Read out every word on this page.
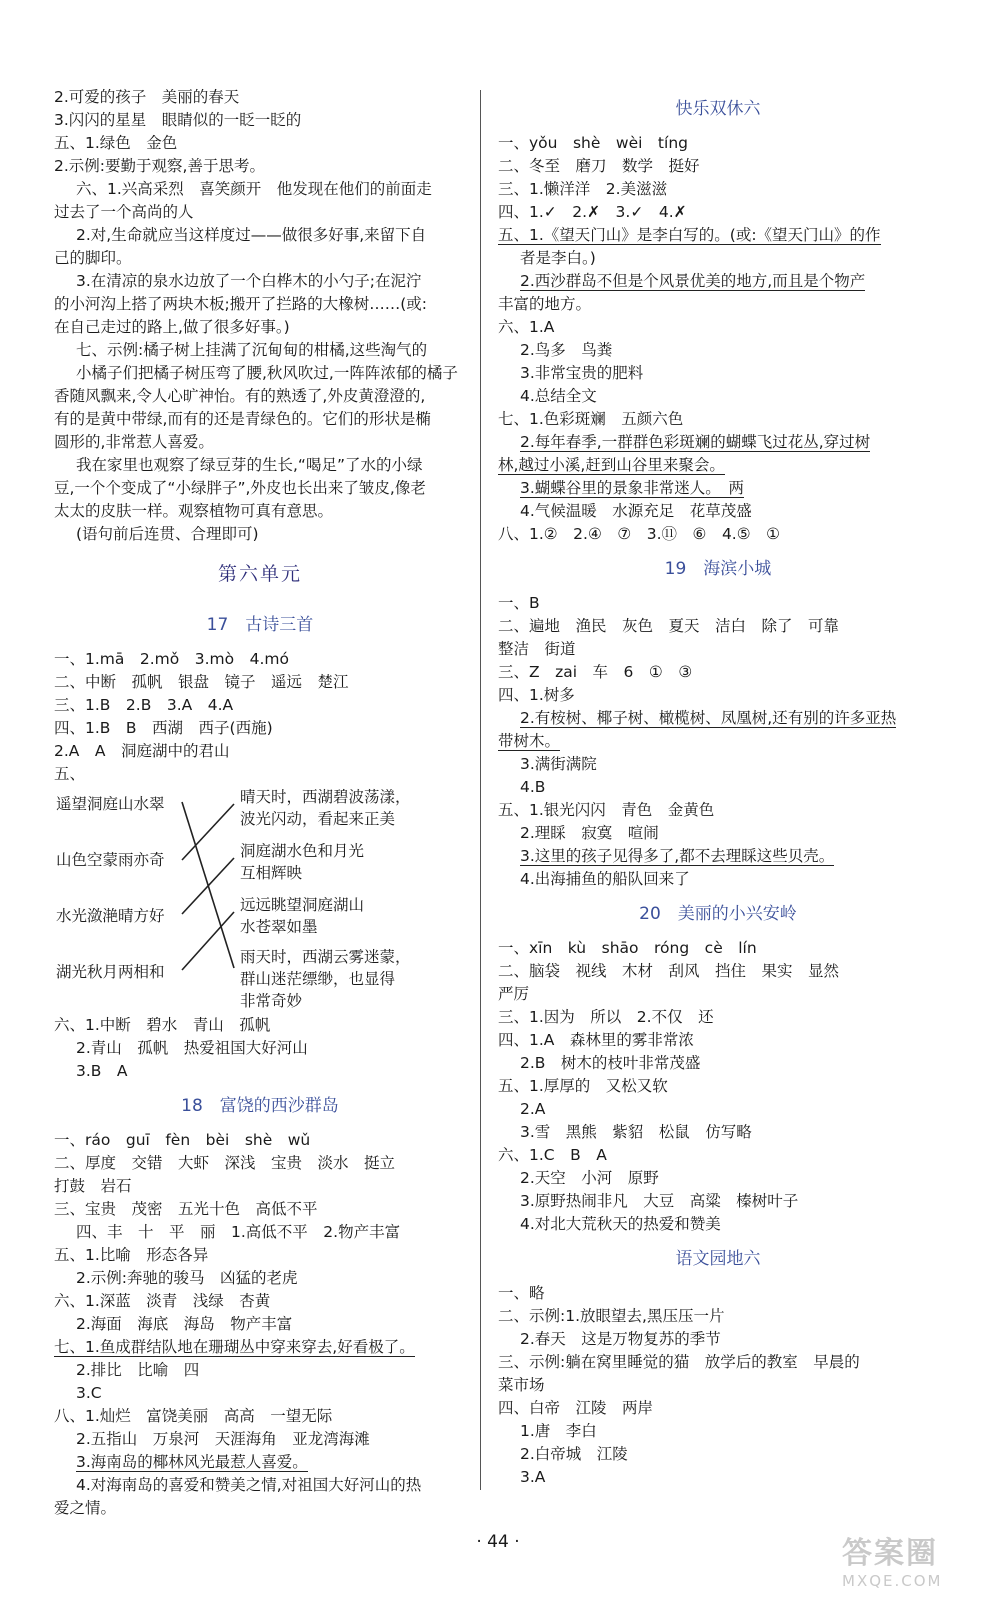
2.可爱的孩子　美丽的春天
3.闪闪的星星　眼睛似的一眨一眨的
五、1.绿色　金色
2.示例:要勤于观察,善于思考。
六、1.兴高采烈　喜笑颜开　他发现在他们的前面走
过去了一个高尚的人
2.对,生命就应当这样度过——做很多好事,来留下自
己的脚印。
3.在清凉的泉水边放了一个白桦木的小勺子;在泥泞
的小河沟上搭了两块木板;搬开了拦路的大橡树……(或:
在自己走过的路上,做了很多好事。)
七、示例:橘子树上挂满了沉甸甸的柑橘,这些淘气的
小橘子们把橘子树压弯了腰,秋风吹过,一阵阵浓郁的橘子
香随风飘来,令人心旷神怡。有的熟透了,外皮黄澄澄的,
有的是黄中带绿,而有的还是青绿色的。它们的形状是椭
圆形的,非常惹人喜爱。
我在家里也观察了绿豆芽的生长,“喝足”了水的小绿
豆,一个个变成了“小绿胖子”,外皮也长出来了皱皮,像老
太太的皮肤一样。观察植物可真有意思。
(语句前后连贯、合理即可)
第六单元
17　古诗三首
一、1.mā　2.mǒ　3.mò　4.mó
二、中断　孤帆　银盘　镜子　遥远　楚江
三、1.B　2.B　3.A　4.A
四、1.B　B　西湖　西子(西施)
2.A　A　洞庭湖中的君山
五、
遥望洞庭山水翠
山色空蒙雨亦奇
水光潋滟晴方好
湖光秋月两相和
晴天时，西湖碧波荡漾，
波光闪动，看起来正美
洞庭湖水色和月光
互相辉映
远远眺望洞庭湖山
水苍翠如墨
雨天时，西湖云雾迷蒙，
群山迷茫缥缈，也显得
非常奇妙
六、1.中断　碧水　青山　孤帆
2.青山　孤帆　热爱祖国大好河山
3.B　A
18　富饶的西沙群岛
一、ráo　guī　fèn　bèi　shè　wǔ
二、厚度　交错　大虾　深浅　宝贵　淡水　挺立
打鼓　岩石
三、宝贵　茂密　五光十色　高低不平
四、丰　十　平　丽　1.高低不平　2.物产丰富
五、1.比喻　形态各异
2.示例:奔驰的骏马　凶猛的老虎
六、1.深蓝　淡青　浅绿　杏黄
2.海面　海底　海岛　物产丰富
七、1.鱼成群结队地在珊瑚丛中穿来穿去,好看极了。
2.排比　比喻　四
3.C
八、1.灿烂　富饶美丽　高高　一望无际
2.五指山　万泉河　天涯海角　亚龙湾海滩
3.海南岛的椰林风光最惹人喜爱。
4.对海南岛的喜爱和赞美之情,对祖国大好河山的热
爱之情。
快乐双休六
一、yǒu　shè　wèi　tíng
二、冬至　磨刀　数学　挺好
三、1.懒洋洋　2.美滋滋
四、1.✓　2.✗　3.✓　4.✗
五、1.《望天门山》是李白写的。(或:《望天门山》的作
者是李白。)
2.西沙群岛不但是个风景优美的地方,而且是个物产
丰富的地方。
六、1.A
2.鸟多　鸟粪
3.非常宝贵的肥料
4.总结全文
七、1.色彩斑斓　五颜六色
2.每年春季,一群群色彩斑斓的蝴蝶飞过花丛,穿过树
林,越过小溪,赶到山谷里来聚会。
3.蝴蝶谷里的景象非常迷人。　两
4.气候温暖　水源充足　花草茂盛
八、1.②　2.④　⑦　3.⑪　⑥　4.⑤　①
19　海滨小城
一、B
二、遍地　渔民　灰色　夏天　洁白　除了　可靠
整洁　街道
三、Z　zai　车　6　①　③
四、1.树多
2.有桉树、椰子树、橄榄树、凤凰树,还有别的许多亚热
带树木。
3.满街满院
4.B
五、1.银光闪闪　青色　金黄色
2.理睬　寂寞　喧闹
3.这里的孩子见得多了,都不去理睬这些贝壳。
4.出海捕鱼的船队回来了
20　美丽的小兴安岭
一、xīn　kù　shāo　róng　cè　lín
二、脑袋　视线　木材　刮风　挡住　果实　显然
严厉
三、1.因为　所以　2.不仅　还
四、1.A　森林里的雾非常浓
2.B　树木的枝叶非常茂盛
五、1.厚厚的　又松又软
2.A
3.雪　黑熊　紫貂　松鼠　仿写略
六、1.C　B　A
2.天空　小河　原野
3.原野热闹非凡　大豆　高粱　榛树叶子
4.对北大荒秋天的热爱和赞美
语文园地六
一、略
二、示例:1.放眼望去,黑压压一片
2.春天　这是万物复苏的季节
三、示例:躺在窝里睡觉的猫　放学后的教室　早晨的
菜市场
四、白帝　江陵　两岸
1.唐　李白
2.白帝城　江陵
3.A
· 44 ·	答案圈
MXQE.COM
